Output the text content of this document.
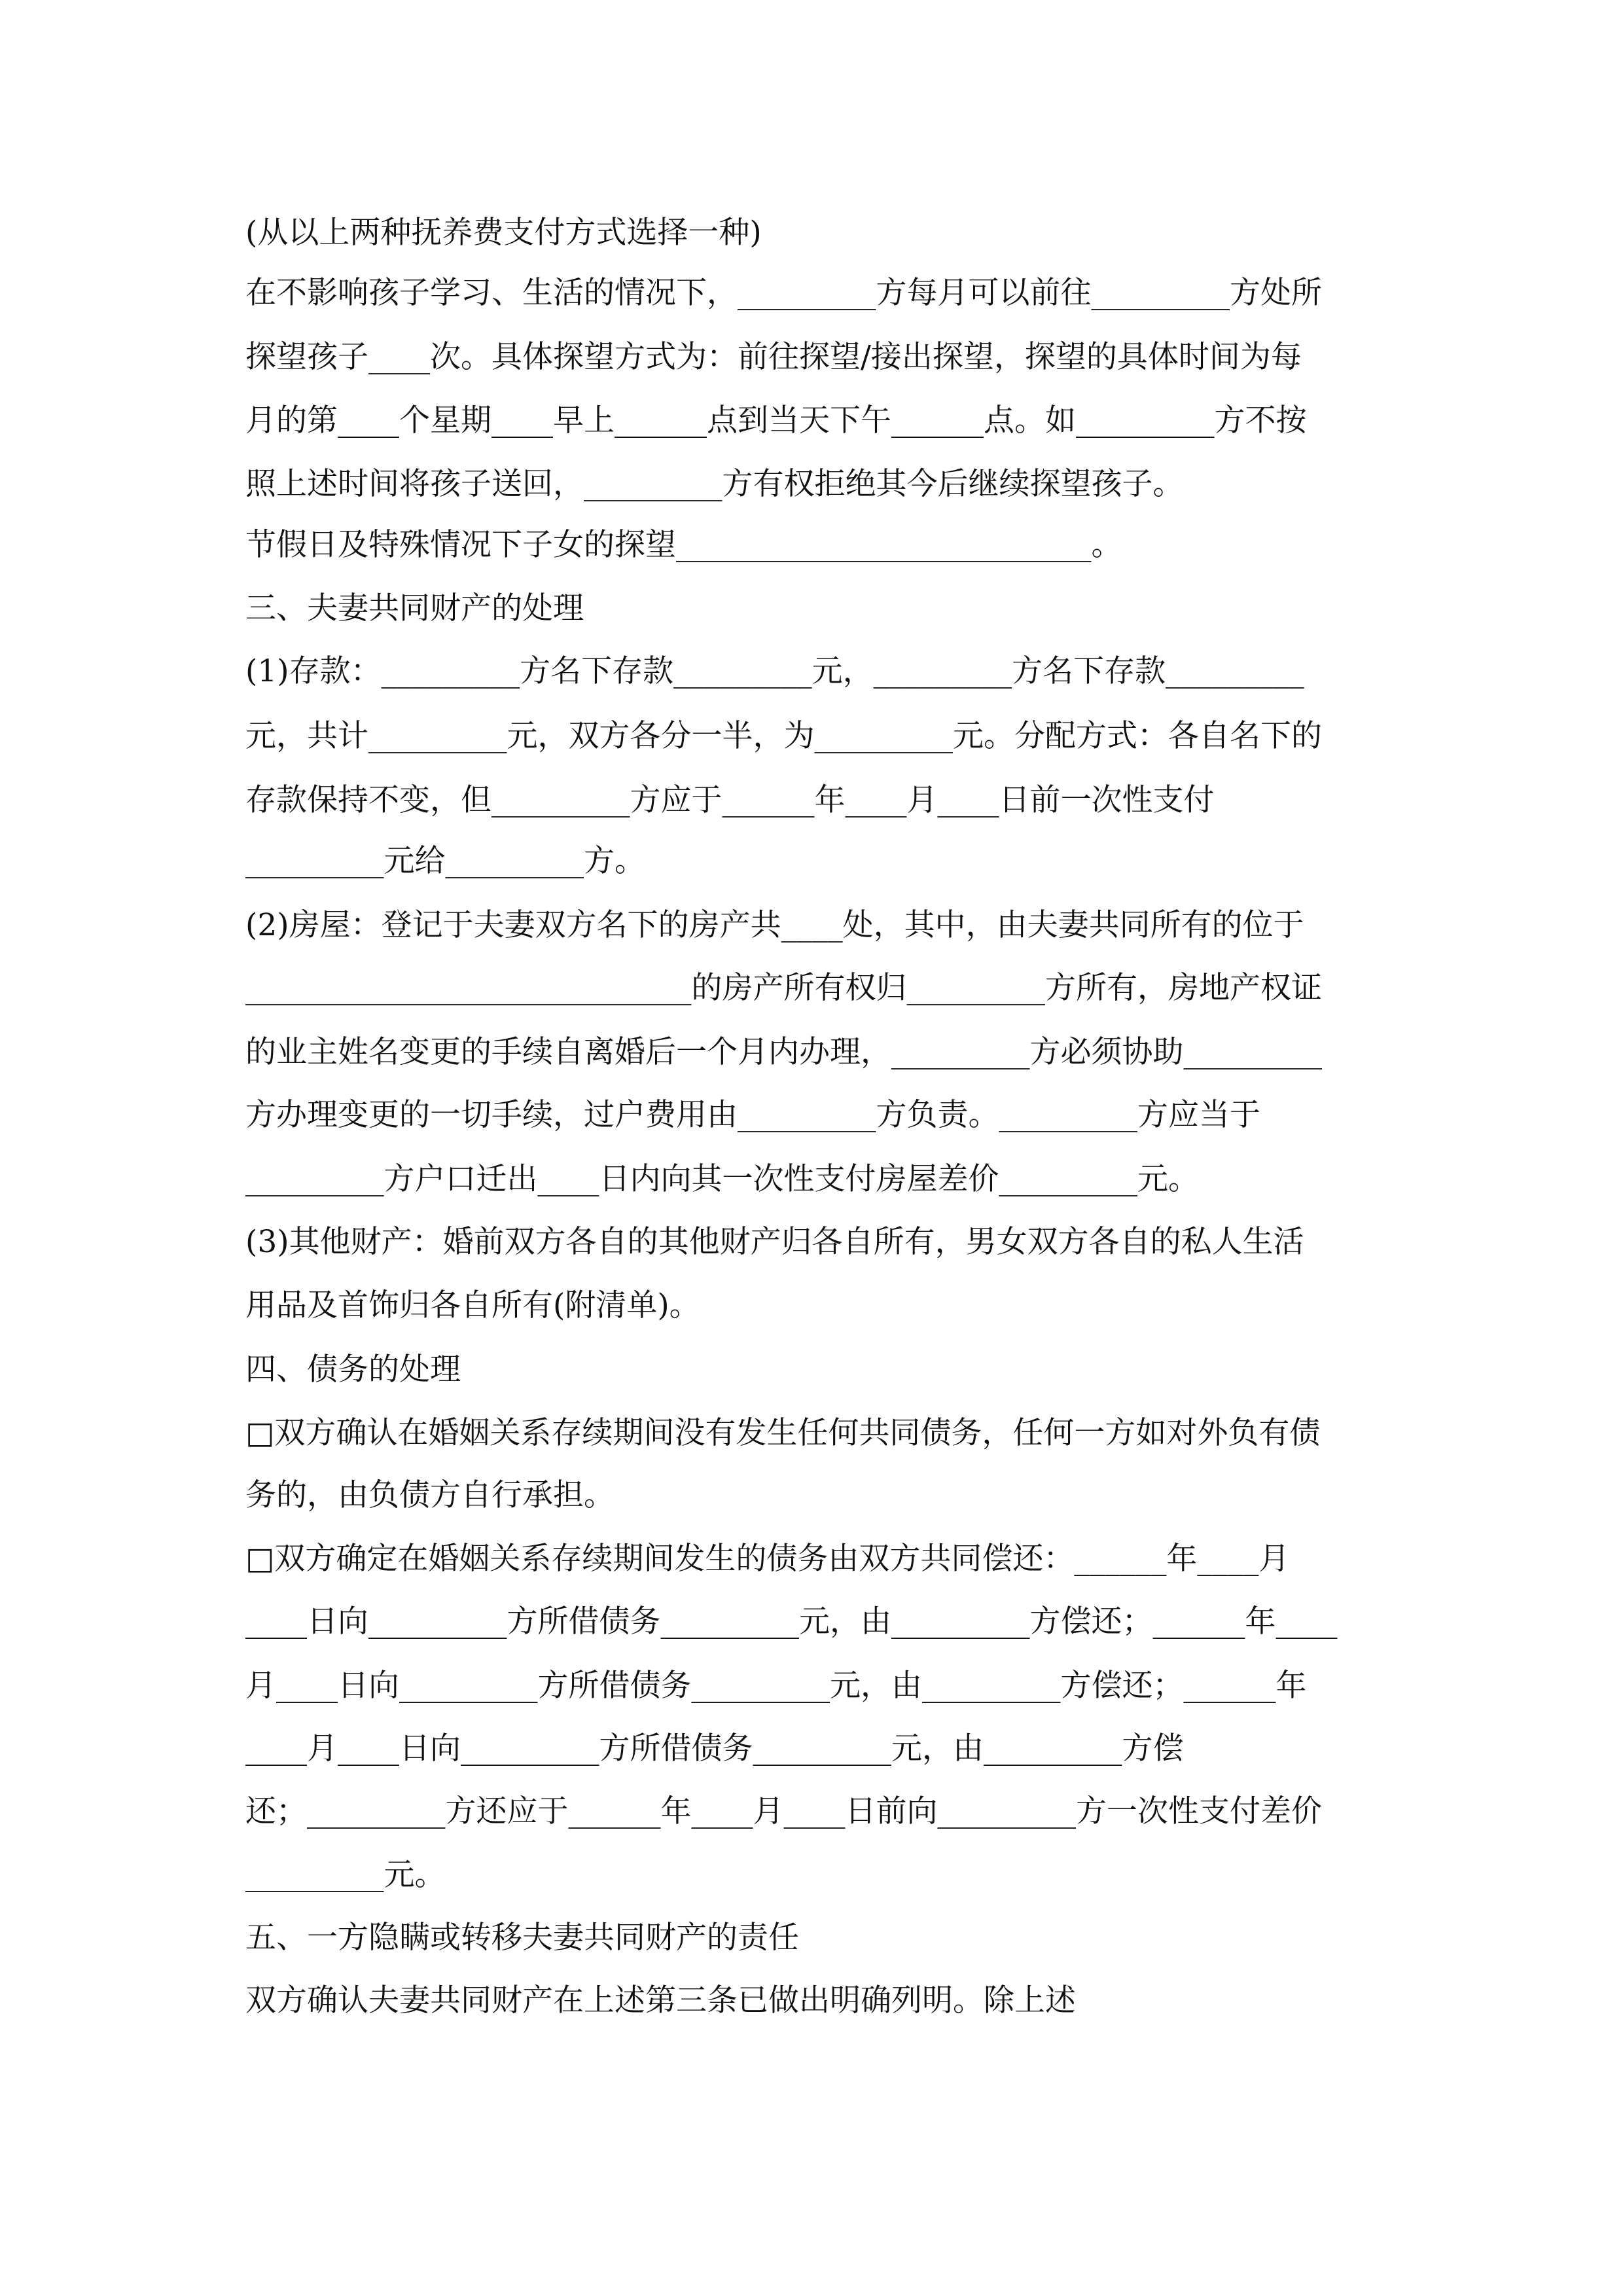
(从以上两种抚养费支付方式选择一种)
在不影响孩子学习、生活的情况下，_________方每月可以前往_________方处所
探望孩子____次。具体探望方式为：前往探望/接出探望，探望的具体时间为每
月的第____个星期____早上______点到当天下午______点。如_________方不按
照上述时间将孩子送回，_________方有权拒绝其今后继续探望孩子。
节假日及特殊情况下子女的探望___________________________。
三、夫妻共同财产的处理
(1)存款：_________方名下存款_________元，_________方名下存款_________
元，共计_________元，双方各分一半，为_________元。分配方式：各自名下的
存款保持不变，但_________方应于______年____月____日前一次性支付
_________元给_________方。
(2)房屋：登记于夫妻双方名下的房产共____处，其中，由夫妻共同所有的位于
_____________________________的房产所有权归_________方所有，房地产权证
的业主姓名变更的手续自离婚后一个月内办理，_________方必须协助_________
方办理变更的一切手续，过户费用由_________方负责。_________方应当于
_________方户口迁出____日内向其一次性支付房屋差价_________元。
(3)其他财产：婚前双方各自的其他财产归各自所有，男女双方各自的私人生活
用品及首饰归各自所有(附清单)。
四、债务的处理
□双方确认在婚姻关系存续期间没有发生任何共同债务，任何一方如对外负有债
务的，由负债方自行承担。
□双方确定在婚姻关系存续期间发生的债务由双方共同偿还：______年____月
____日向_________方所借债务_________元，由_________方偿还；______年____
月____日向_________方所借债务_________元，由_________方偿还；______年
____月____日向_________方所借债务_________元，由_________方偿
还；_________方还应于______年____月____日前向_________方一次性支付差价
_________元。
五、一方隐瞒或转移夫妻共同财产的责任
双方确认夫妻共同财产在上述第三条已做出明确列明。除上述
